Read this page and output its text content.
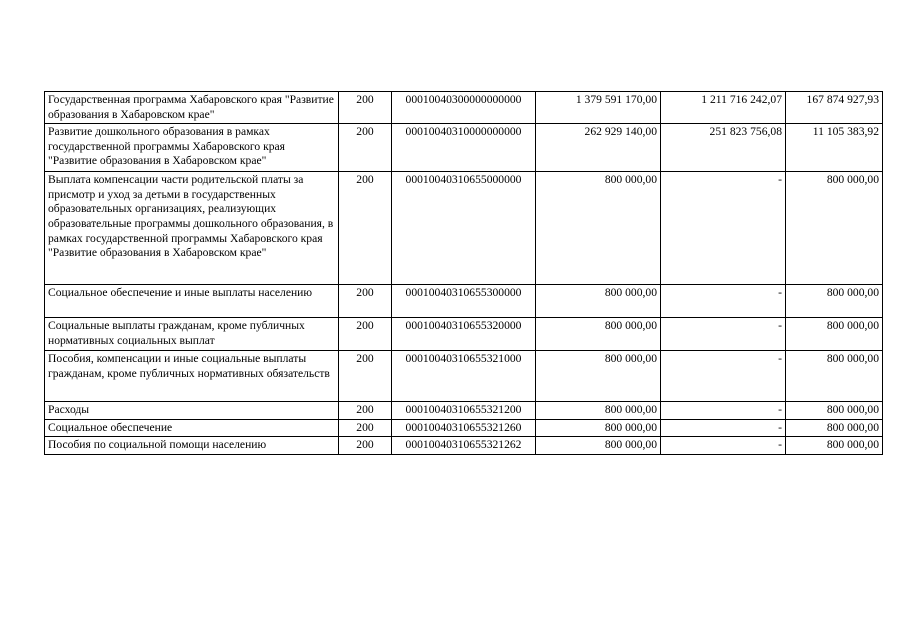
Государственная программа Хабаровского края "Развитие образования в Хабаровском крае"	200	00010040300000000000	1 379 591 170,00	1 211 716 242,07	167 874 927,93
Развитие дошкольного образования в рамках государственной программы Хабаровского края "Развитие образования в Хабаровском крае"	200	00010040310000000000	262 929 140,00	251 823 756,08	11 105 383,92
Выплата компенсации части родительской платы за присмотр и уход за детьми в государственных образовательных организациях, реализующих образовательные программы дошкольного образования, в рамках государственной программы Хабаровского края "Развитие образования в Хабаровском крае"	200	00010040310655000000	800 000,00	-	800 000,00
Социальное обеспечение и иные выплаты населению	200	00010040310655300000	800 000,00	-	800 000,00
Социальные выплаты гражданам, кроме публичных нормативных социальных выплат	200	00010040310655320000	800 000,00	-	800 000,00
Пособия, компенсации и иные социальные выплаты гражданам, кроме публичных нормативных обязательств	200	00010040310655321000	800 000,00	-	800 000,00
Расходы	200	00010040310655321200	800 000,00	-	800 000,00
Социальное обеспечение	200	00010040310655321260	800 000,00	-	800 000,00
Пособия по социальной помощи населению	200	00010040310655321262	800 000,00	-	800 000,00
